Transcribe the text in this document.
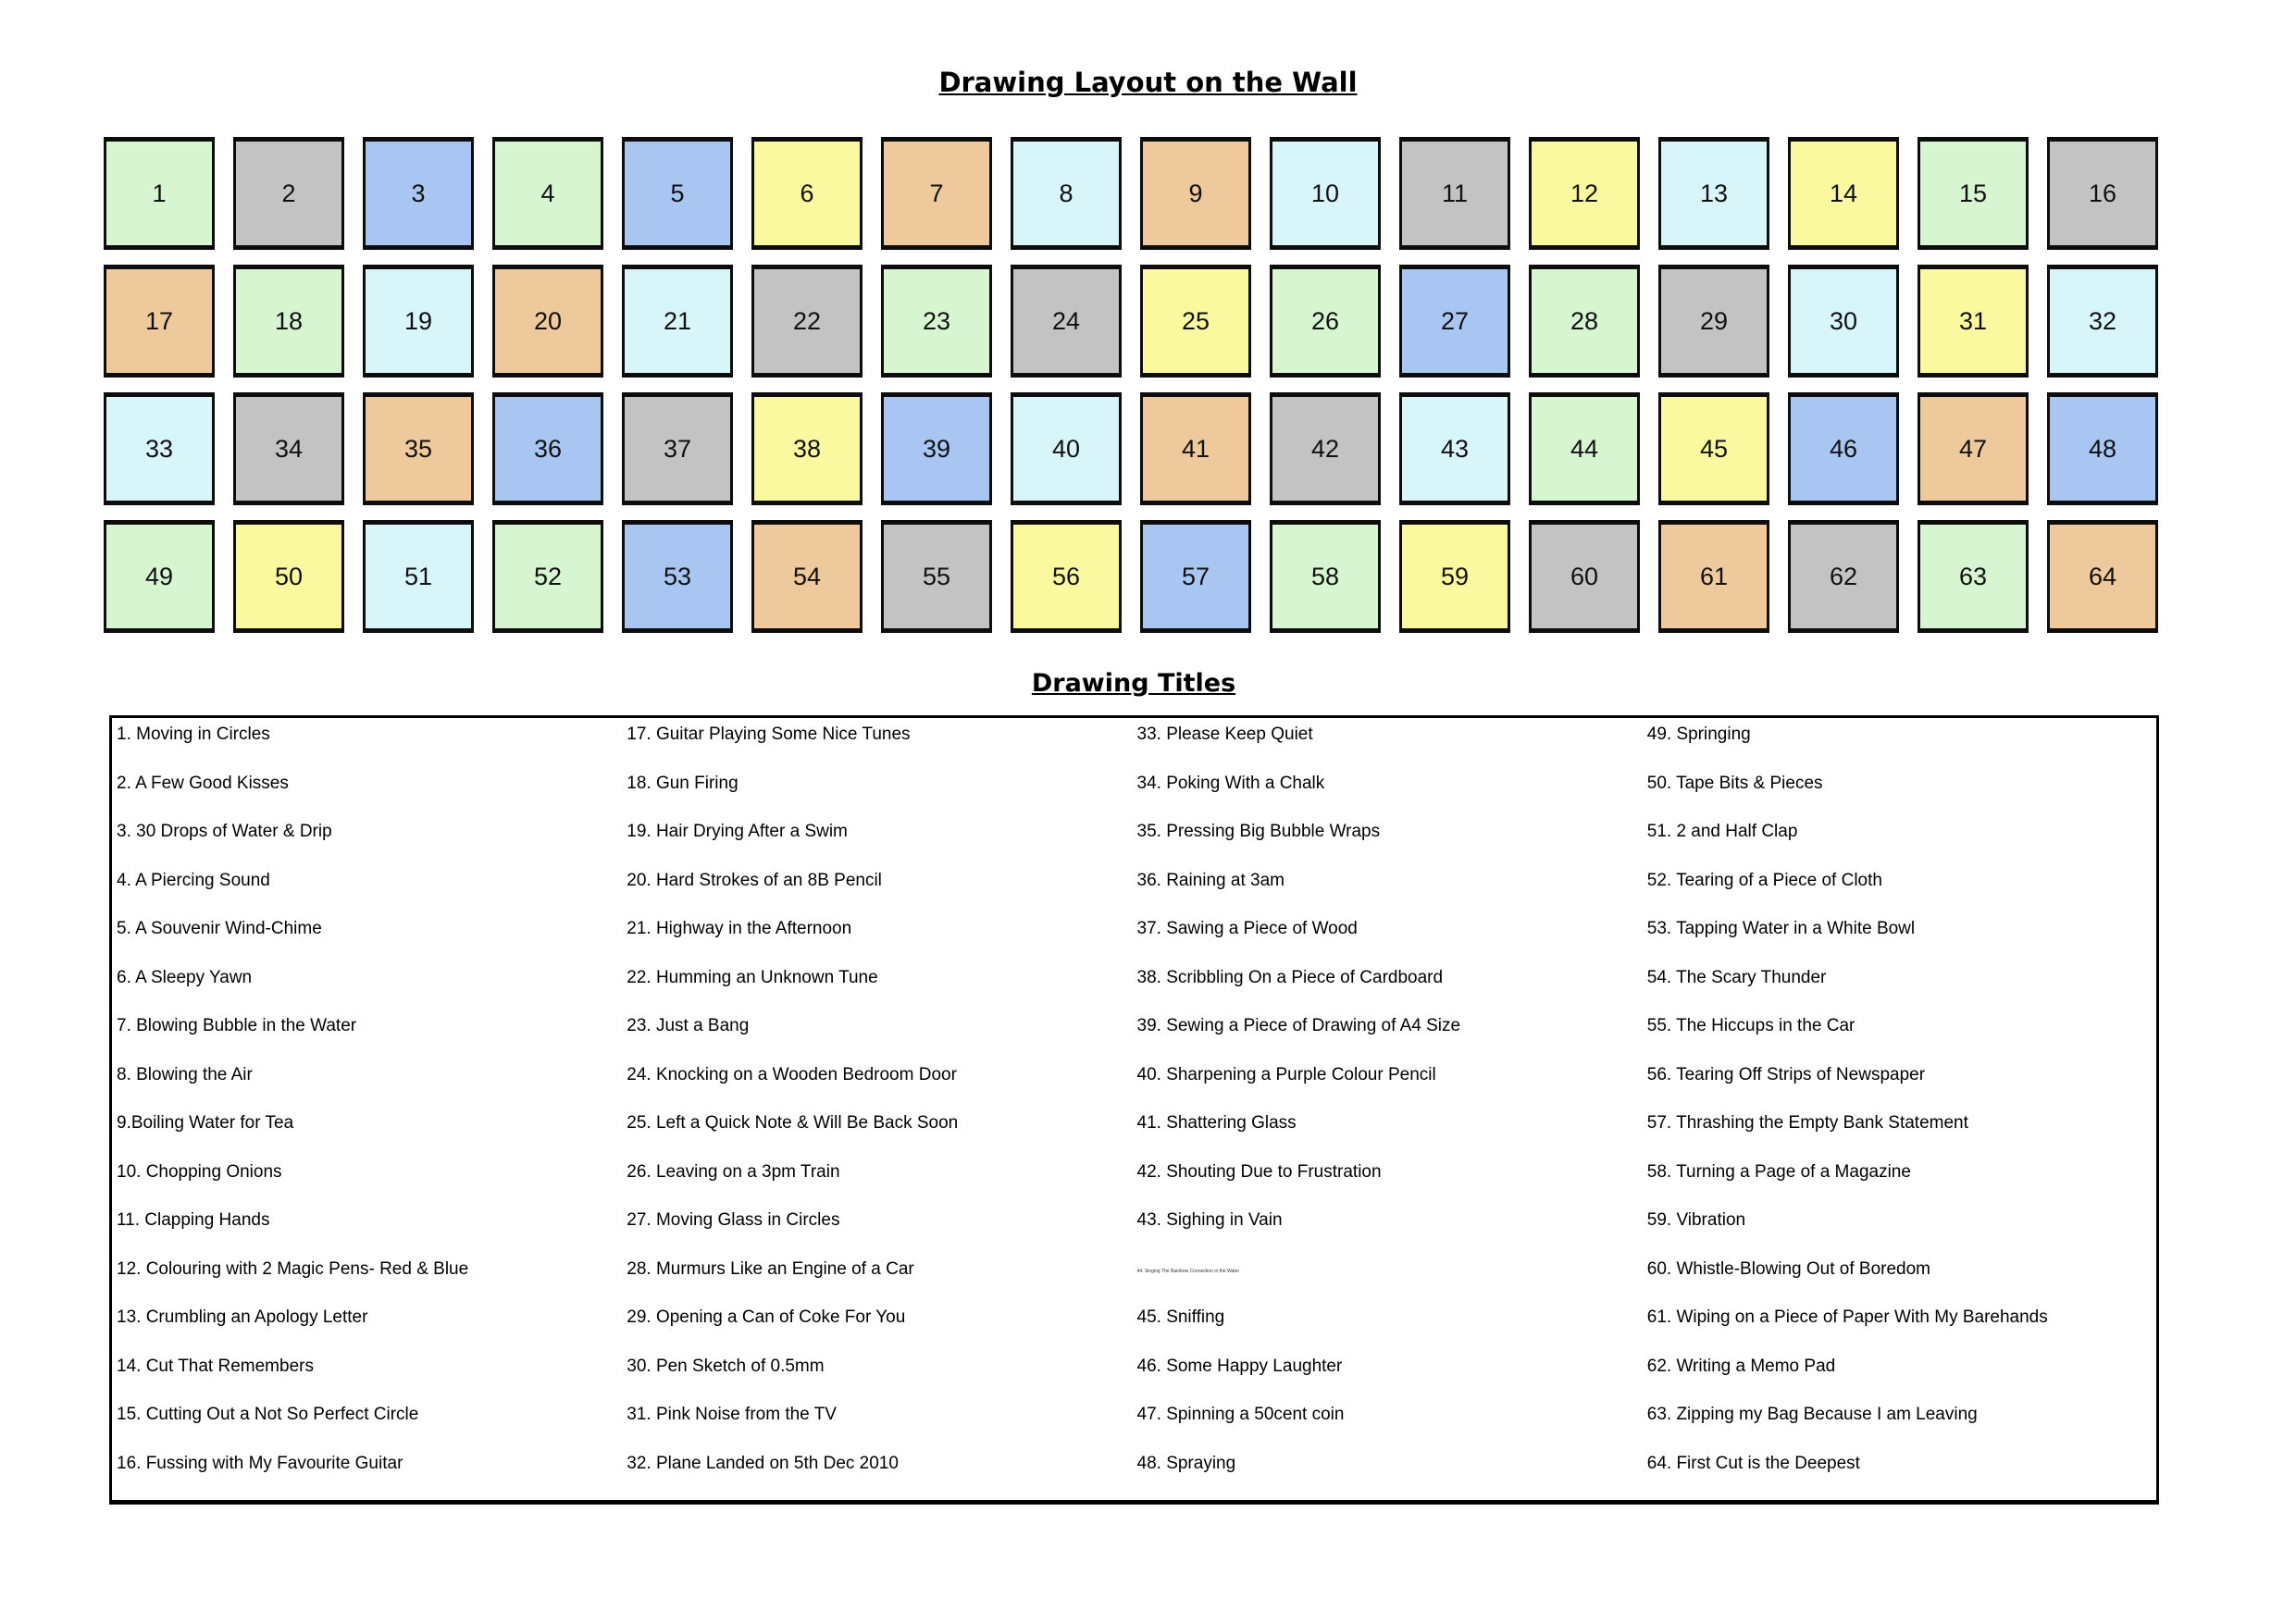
Drawing Layout on the Wall
1	2	3	4	5	6	7	8	9	10	11	12	13	14	15	16
17	18	19	20	21	22	23	24	25	26	27	28	29	30	31	32
33	34	35	36	37	38	39	40	41	42	43	44	45	46	47	48
49	50	51	52	53	54	55	56	57	58	59	60	61	62	63	64
Drawing Titles
1. Moving in Circles
2. A Few Good Kisses
3. 30 Drops of Water & Drip
4. A Piercing Sound
5. A Souvenir Wind-Chime
6. A Sleepy Yawn
7. Blowing Bubble in the Water
8. Blowing the Air
9.Boiling Water for Tea
10. Chopping Onions
11. Clapping Hands
12. Colouring with 2 Magic Pens- Red & Blue
13. Crumbling an Apology Letter
14. Cut That Remembers
15. Cutting Out a Not So Perfect Circle
16. Fussing with My Favourite Guitar
17. Guitar Playing Some Nice Tunes
18. Gun Firing
19. Hair Drying After a Swim
20. Hard Strokes of an 8B Pencil
21. Highway in the Afternoon
22. Humming an Unknown Tune
23. Just a Bang
24. Knocking on a Wooden Bedroom Door
25. Left a Quick Note & Will Be Back Soon
26. Leaving on a 3pm Train
27. Moving Glass in Circles
28. Murmurs Like an Engine of a Car
29. Opening a Can of Coke For You
30. Pen Sketch of 0.5mm
31. Pink Noise from the TV
32. Plane Landed on 5th Dec 2010
33. Please Keep Quiet
34. Poking With a Chalk
35. Pressing Big Bubble Wraps
36. Raining at 3am
37. Sawing a Piece of Wood
38. Scribbling On a Piece of Cardboard
39. Sewing a Piece of Drawing of A4 Size
40. Sharpening a Purple Colour Pencil
41. Shattering Glass
42. Shouting Due to Frustration
43. Sighing in Vain
44. Singing The Rainbow Connection in the Water
45. Sniffing
46. Some Happy Laughter
47. Spinning a 50cent coin
48. Spraying
49. Springing
50. Tape Bits & Pieces
51. 2 and Half Clap
52. Tearing of a Piece of Cloth
53. Tapping Water in a White Bowl
54. The Scary Thunder
55. The Hiccups in the Car
56. Tearing Off Strips of Newspaper
57. Thrashing the Empty Bank Statement
58. Turning a Page of a Magazine
59. Vibration
60. Whistle-Blowing Out of Boredom
61. Wiping on a Piece of Paper With My Barehands
62. Writing a Memo Pad
63. Zipping my Bag Because I am Leaving
64. First Cut is the Deepest
